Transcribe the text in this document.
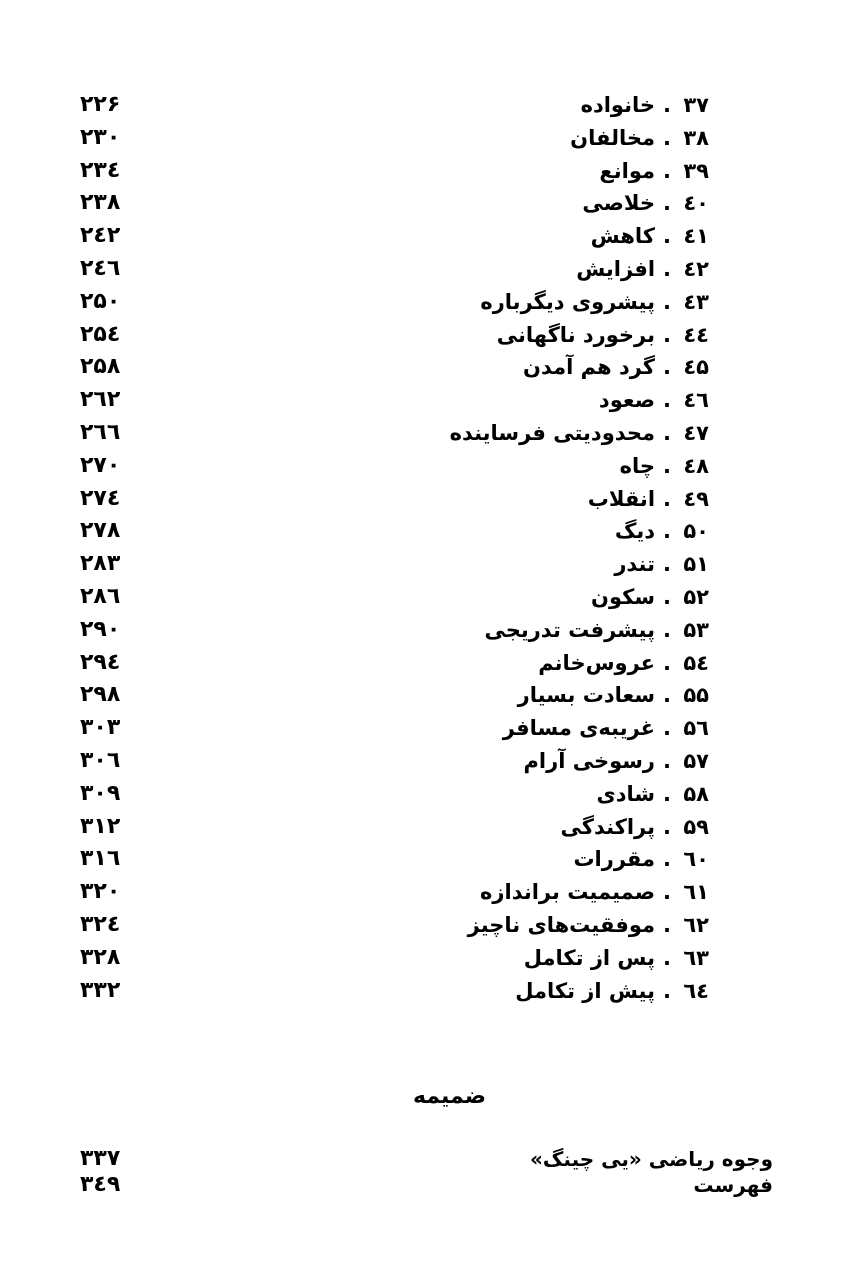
۳۷.خانواده
۲۲۶
۳۸.مخالفان
۲۳۰
۳۹.موانع
۲۳٤
٤۰.خلاصی
۲۳۸
٤۱.کاهش
۲٤۲
٤۲.افزایش
۲٤٦
٤۳.پیشروی دیگرباره
۲۵۰
٤٤.برخورد ناگهانی
۲۵٤
٤۵.گرد هم آمدن
۲۵۸
٤٦.صعود
۲٦۲
٤۷.محدودیتی فرساینده
۲٦٦
٤۸.چاه
۲۷۰
٤۹.انقلاب
۲۷٤
۵۰.دیگ
۲۷۸
۵۱.تندر
۲۸۳
۵۲.سکون
۲۸٦
۵۳.پیشرفت تدریجی
۲۹۰
۵٤.عروس‌خانم
۲۹٤
۵۵.سعادت بسیار
۲۹۸
۵٦.غریبه‌ی مسافر
۳۰۳
۵۷.رسوخی آرام
۳۰٦
۵۸.شادی
۳۰۹
۵۹.پراکندگی
۳۱۲
٦۰.مقررات
۳۱٦
٦۱.صمیمیت براندازه
۳۲۰
٦۲.موفقیت‌های ناچیز
۳۲٤
٦۳.پس از تکامل
۳۲۸
٦٤.پیش از تکامل
۳۳۲
ضمیمه
وجوه ریاضی «یی چینگ»
۳۳۷
فهرست
۳٤۹
